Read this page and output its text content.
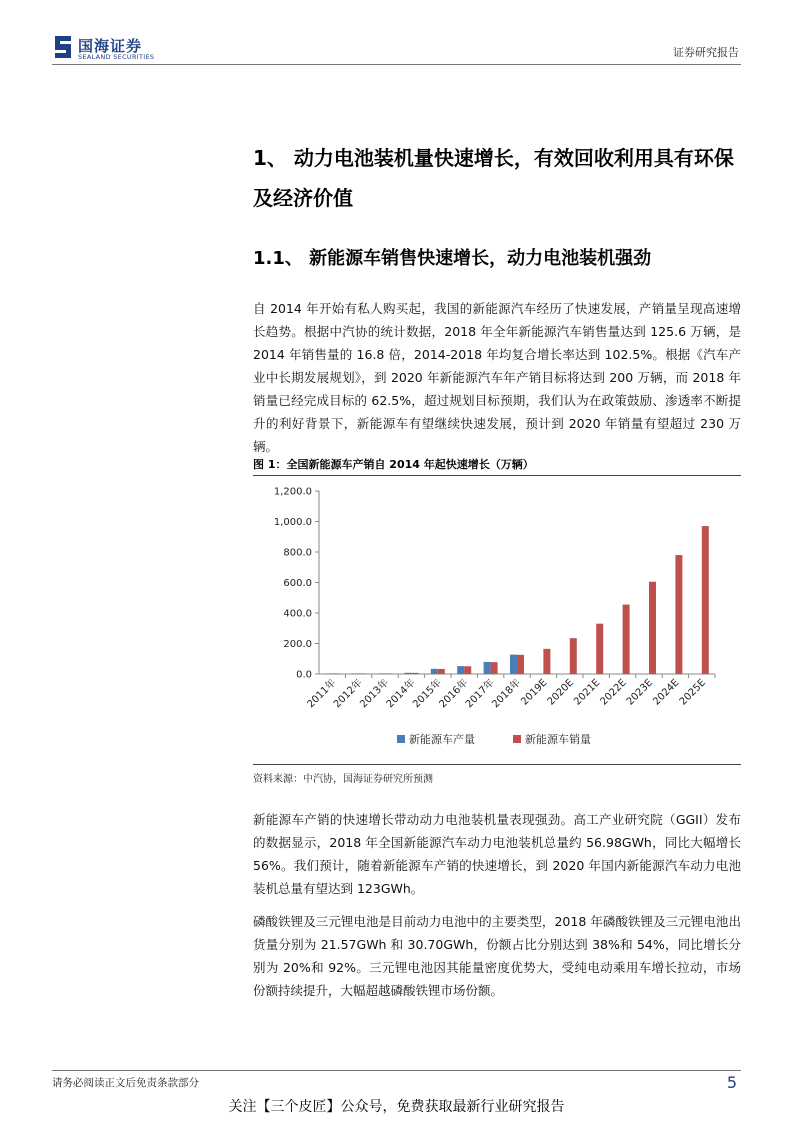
国海证券
SEALAND SECURITIES	证券研究报告
1、 动力电池装机量快速增长，有效回收利用具有环保及经济价值
1.1、 新能源车销售快速增长，动力电池装机强劲

自 2014 年开始有私人购买起，我国的新能源汽车经历了快速发展，产销量呈现高速增长趋势。根据中汽协的统计数据，2018 年全年新能源汽车销售量达到 125.6 万辆，是 2014 年销售量的 16.8 倍，2014-2018 年均复合增长率达到 102.5%。根据《汽车产业中长期发展规划》，到 2020 年新能源汽车年产销目标将达到 200 万辆，而 2018 年销量已经完成目标的 62.5%，超过规划目标预期，我们认为在政策鼓励、渗透率不断提升的利好背景下，新能源车有望继续快速发展，预计到 2020 年销量有望超过 230 万辆。

图 1：全国新能源车产销自 2014 年起快速增长（万辆）
0.0
200.0
400.0
600.0
800.0
1,000.0
1,200.0
2011年
2012年
2013年
2014年
2015年
2016年
2017年
2018年
2019E
2020E
2021E
2022E
2023E
2024E
2025E
新能源车产量	新能源车销量
资料来源：中汽协，国海证券研究所预测

新能源车产销的快速增长带动动力电池装机量表现强劲。高工产业研究院（GGII）发布的数据显示，2018 年全国新能源汽车动力电池装机总量约 56.98GWh，同比大幅增长 56%。我们预计，随着新能源车产销的快速增长，到 2020 年国内新能源汽车动力电池装机总量有望达到 123GWh。

磷酸铁锂及三元锂电池是目前动力电池中的主要类型，2018 年磷酸铁锂及三元锂电池出货量分别为 21.57GWh 和 30.70GWh，份额占比分别达到 38%和 54%，同比增长分别为 20%和 92%。三元锂电池因其能量密度优势大，受纯电动乘用车增长拉动，市场份额持续提升，大幅超越磷酸铁锂市场份额。

请务必阅读正文后免责条款部分	5
关注【三个皮匠】公众号，免费获取最新行业研究报告
